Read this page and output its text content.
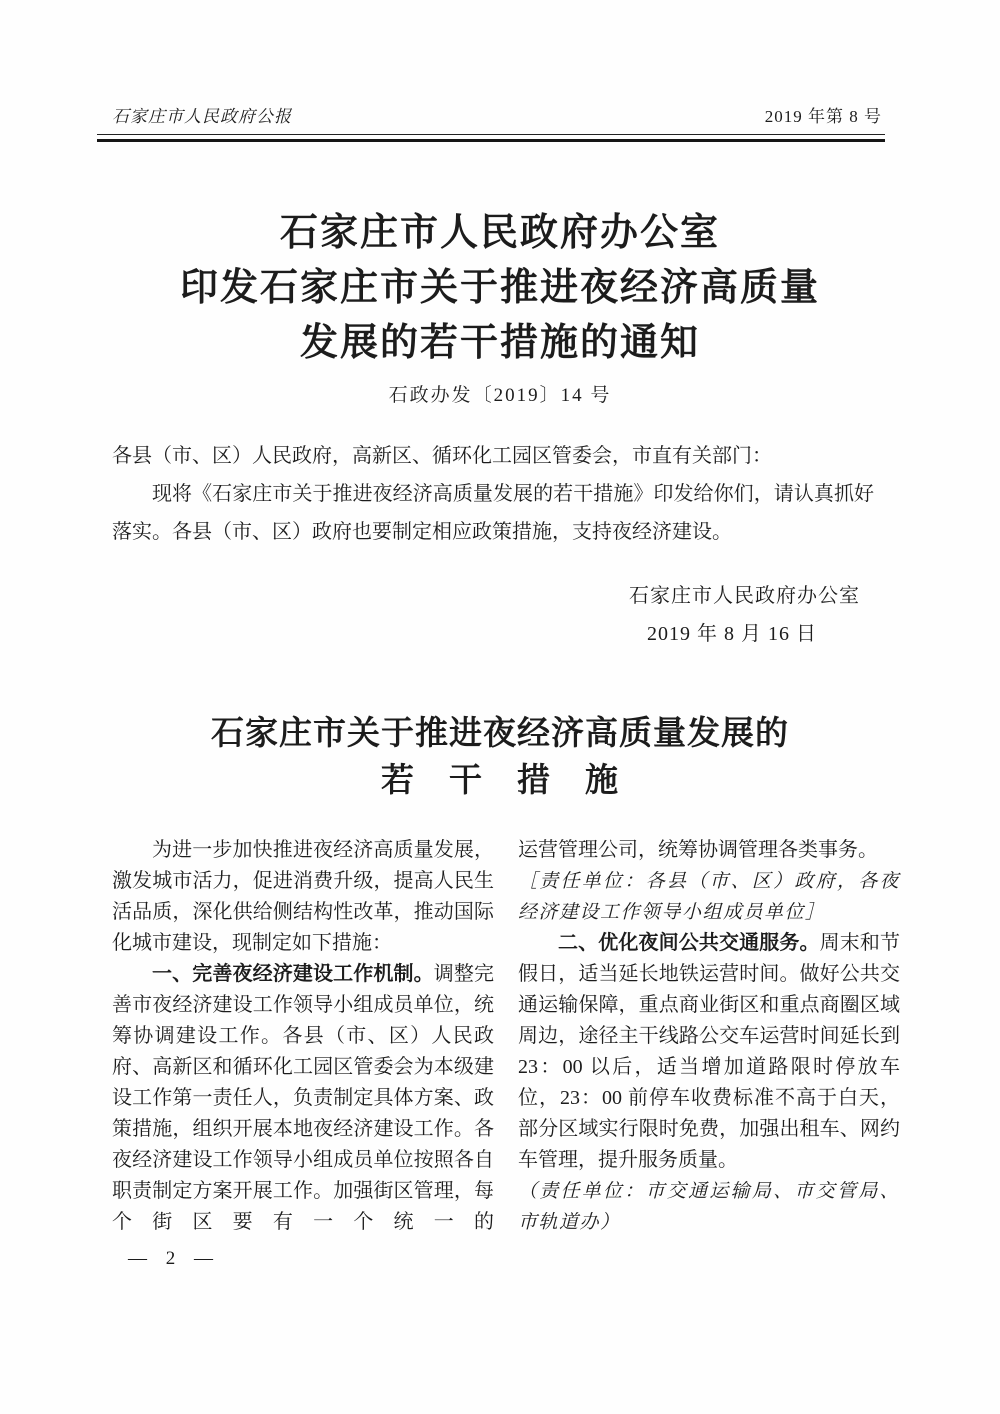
石家庄市人民政府公报	2019 年第 8 号
石家庄市人民政府办公室
印发石家庄市关于推进夜经济高质量
发展的若干措施的通知
石政办发〔2019〕14 号

各县（市、区）人民政府，高新区、循环化工园区管委会，市直有关部门：

现将《石家庄市关于推进夜经济高质量发展的若干措施》印发给你们，请认真抓好落实。各县（市、区）政府也要制定相应政策措施，支持夜经济建设。

石家庄市人民政府办公室
2019 年 8 月 16 日
石家庄市关于推进夜经济高质量发展的
若　干　措　施

为进一步加快推进夜经济高质量发展，激发城市活力，促进消费升级，提高人民生活品质，深化供给侧结构性改革，推动国际化城市建设，现制定如下措施：

一、完善夜经济建设工作机制。调整完善市夜经济建设工作领导小组成员单位，统筹协调建设工作。各县（市、区）人民政府、高新区和循环化工园区管委会为本级建设工作第一责任人，负责制定具体方案、政策措施，组织开展本地夜经济建设工作。各夜经济建设工作领导小组成员单位按照各自职责制定方案开展工作。加强街区管理，每个街区要有一个统一的

运营管理公司，统筹协调管理各类事务。

［责任单位：各县（市、区）政府，各夜经济建设工作领导小组成员单位］

二、优化夜间公共交通服务。周末和节假日，适当延长地铁运营时间。做好公共交通运输保障，重点商业街区和重点商圈区域周边，途径主干线路公交车运营时间延长到 23：00 以后，适当增加道路限时停放车位，23：00 前停车收费标准不高于白天，部分区域实行限时免费，加强出租车、网约车管理，提升服务质量。

（责任单位：市交通运输局、市交管局、市轨道办）

— 2 —
